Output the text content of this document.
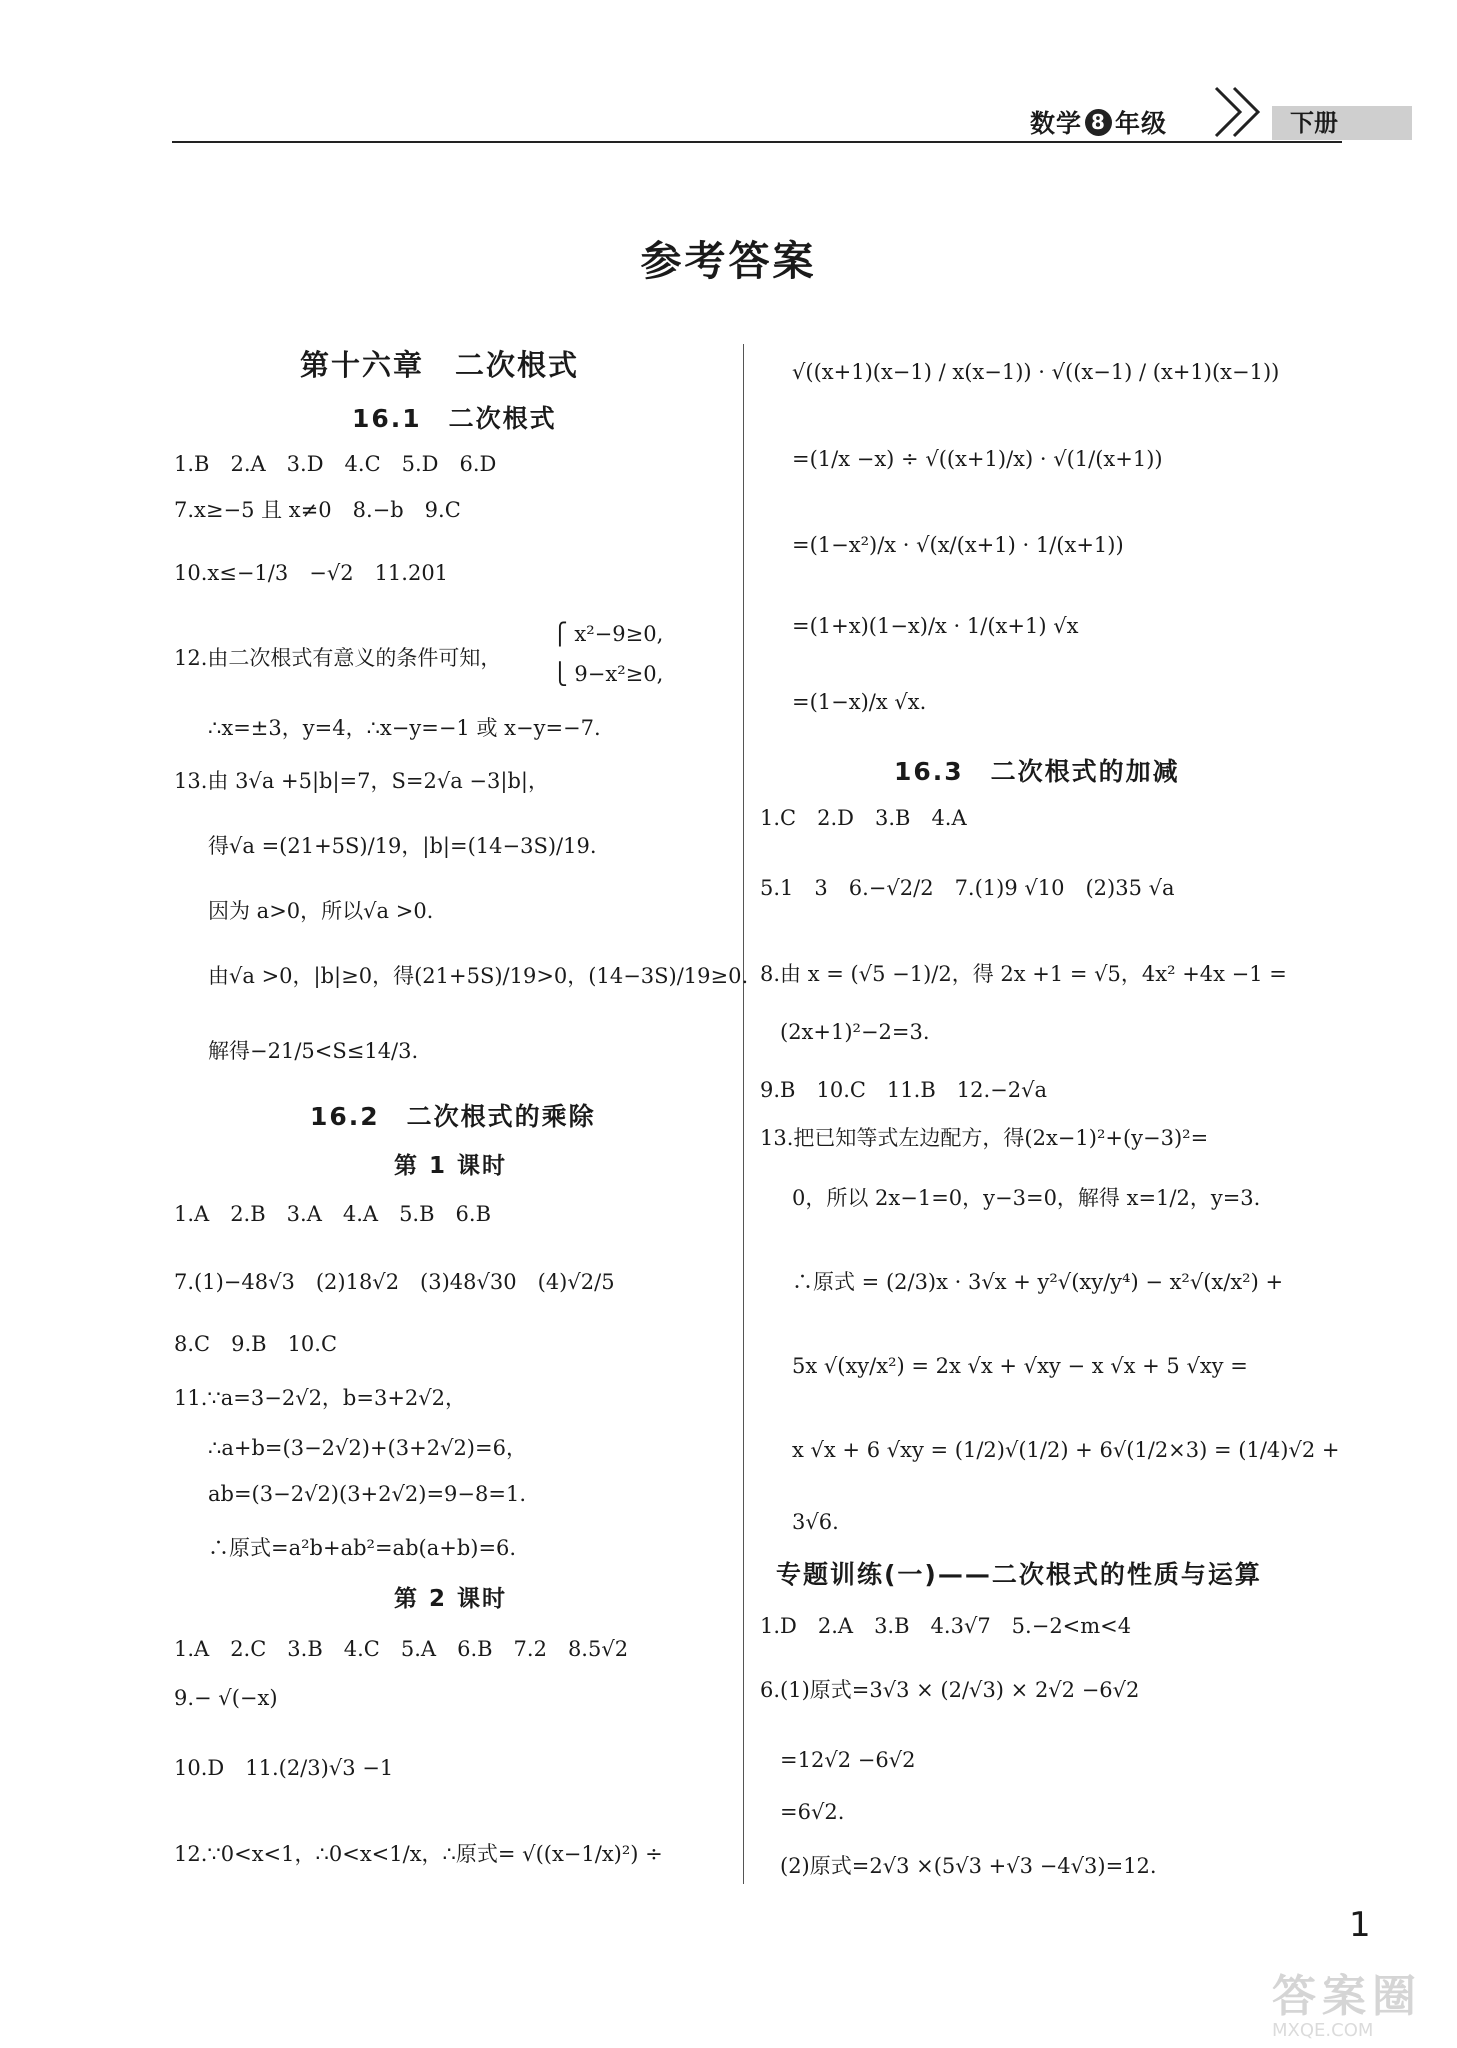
数学 8 年级	下册
参考答案
第十六章　二次根式
16.1　二次根式
1.B　2.A　3.D　4.C　5.D　6.D
7.x≥−5 且 x≠0　8.−b　9.C
10.x≤−1/3　−√2　11.201
12.由二次根式有意义的条件可知，
⎧ x²−9≥0,
⎩ 9−x²≥0,
∴x=±3，y=4，∴x−y=−1 或 x−y=−7.
13.由 3√a +5|b|=7，S=2√a −3|b|，
得√a =(21+5S)/19，|b|=(14−3S)/19.
因为 a>0，所以√a >0.
由√a >0，|b|≥0，得(21+5S)/19>0，(14−3S)/19≥0.
解得−21/5<S≤14/3.
16.2　二次根式的乘除
第 1 课时
1.A　2.B　3.A　4.A　5.B　6.B
7.(1)−48√3　(2)18√2　(3)48√30　(4)√2/5
8.C　9.B　10.C
11.∵a=3−2√2，b=3+2√2，
∴a+b=(3−2√2)+(3+2√2)=6，
ab=(3−2√2)(3+2√2)=9−8=1.
∴原式=a²b+ab²=ab(a+b)=6.
第 2 课时
1.A　2.C　3.B　4.C　5.A　6.B　7.2　8.5√2
9.− √(−x)
10.D　11.(2/3)√3 −1
12.∵0<x<1，∴0<x<1/x，∴原式= √((x−1/x)²) ÷
√((x+1)(x−1) / x(x−1)) · √((x−1) / (x+1)(x−1))
=(1/x −x) ÷ √((x+1)/x) · √(1/(x+1))
=(1−x²)/x · √(x/(x+1) · 1/(x+1))
=(1+x)(1−x)/x · 1/(x+1) √x
=(1−x)/x √x.
16.3　二次根式的加减
1.C　2.D　3.B　4.A
5.1　3　6.−√2/2　7.(1)9 √10　(2)35 √a
8.由 x = (√5 −1)/2，得 2x +1 = √5，4x² +4x −1 =
(2x+1)²−2=3.
9.B　10.C　11.B　12.−2√a
13.把已知等式左边配方，得(2x−1)²+(y−3)²=
0，所以 2x−1=0，y−3=0，解得 x=1/2，y=3.
∴原式 = (2/3)x · 3√x + y²√(xy/y⁴) − x²√(x/x²) +
5x √(xy/x²) = 2x √x + √xy − x √x + 5 √xy =
x √x + 6 √xy = (1/2)√(1/2) + 6√(1/2×3) = (1/4)√2 +
3√6.
专题训练(一)——二次根式的性质与运算
1.D　2.A　3.B　4.3√7　5.−2<m<4
6.(1)原式=3√3 × (2/√3) × 2√2 −6√2
=12√2 −6√2
=6√2.
(2)原式=2√3 ×(5√3 +√3 −4√3)=12.
1
答案圈
MXQE.COM
